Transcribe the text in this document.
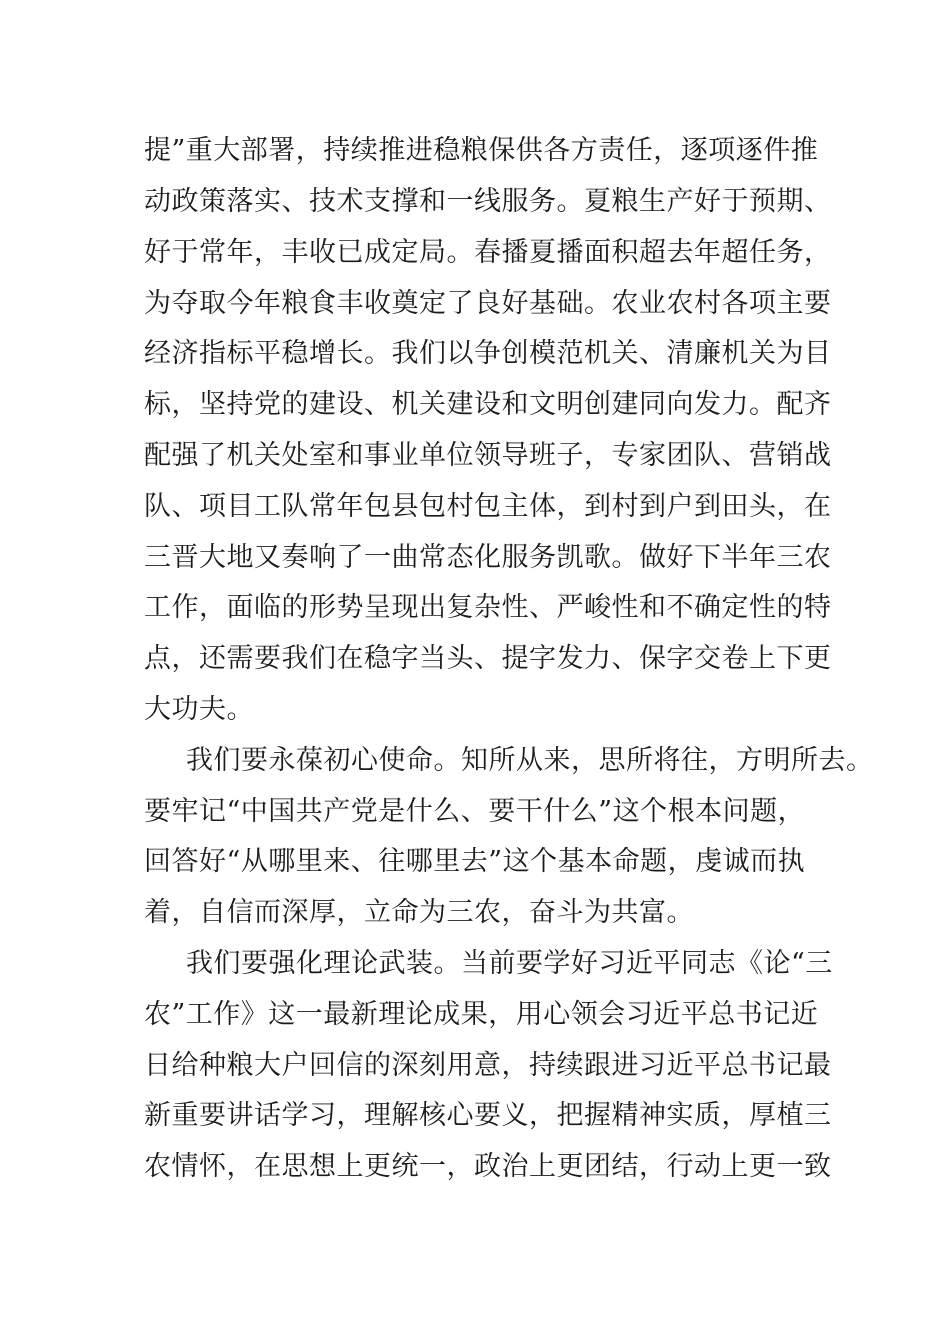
提”重大部署，持续推进稳粮保供各方责任，逐项逐件推
动政策落实、技术支撑和一线服务。夏粮生产好于预期、
好于常年，丰收已成定局。春播夏播面积超去年超任务，
为夺取今年粮食丰收奠定了良好基础。农业农村各项主要
经济指标平稳增长。我们以争创模范机关、清廉机关为目
标，坚持党的建设、机关建设和文明创建同向发力。配齐
配强了机关处室和事业单位领导班子，专家团队、营销战
队、项目工队常年包县包村包主体，到村到户到田头，在
三晋大地又奏响了一曲常态化服务凯歌。做好下半年三农
工作，面临的形势呈现出复杂性、严峻性和不确定性的特
点，还需要我们在稳字当头、提字发力、保字交卷上下更
大功夫。
我们要永葆初心使命。知所从来，思所将往，方明所去。
要牢记“中国共产党是什么、要干什么”这个根本问题，
回答好“从哪里来、往哪里去”这个基本命题，虔诚而执
着，自信而深厚，立命为三农，奋斗为共富。
我们要强化理论武装。当前要学好习近平同志《论“三
农”工作》这一最新理论成果，用心领会习近平总书记近
日给种粮大户回信的深刻用意，持续跟进习近平总书记最
新重要讲话学习，理解核心要义，把握精神实质，厚植三
农情怀，在思想上更统一，政治上更团结，行动上更一致
